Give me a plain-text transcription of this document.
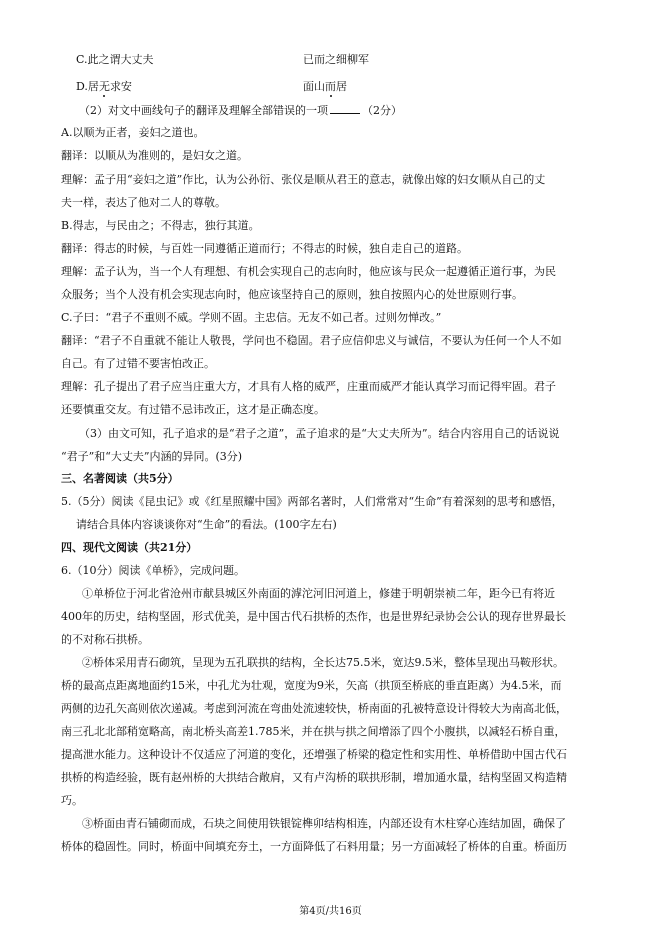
C.此之谓大丈夫	已而之细柳军
D.居无求安	面山而居
（2）对文中画线句子的翻译及理解全部错误的一项	（2分）
A.以顺为正者，妾妇之道也。
翻译：以顺从为准则的，是妇女之道。
理解：孟子用“妾妇之道”作比，认为公孙衍、张仪是顺从君王的意志，就像出嫁的妇女顺从自己的丈
夫一样，表达了他对二人的尊敬。
B.得志，与民由之；不得志，独行其道。
翻译：得志的时候，与百姓一同遵循正道而行；不得志的时候，独自走自己的道路。
理解：孟子认为，当一个人有理想、有机会实现自己的志向时，他应该与民众一起遵循正道行事，为民
众服务；当个人没有机会实现志向时，他应该坚持自己的原则，独自按照内心的处世原则行事。
C.子曰：“君子不重则不威。学则不固。主忠信。无友不如己者。过则勿惮改。”
翻译：“君子不自重就不能让人敬畏，学问也不稳固。君子应信仰忠义与诚信，不要认为任何一个人不如
自己。有了过错不要害怕改正。
理解：孔子提出了君子应当庄重大方，才具有人格的威严，庄重而威严才能认真学习而记得牢固。君子
还要慎重交友。有过错不忌讳改正，这才是正确态度。
（3）由文可知，孔子追求的是“君子之道”，孟子追求的是“大丈夫所为”。结合内容用自己的话说说
“君子”和“大丈夫”内涵的异同。(3分)
三、名著阅读（共5分）
5.（5分）阅读《昆虫记》或《红星照耀中国》两部名著时，人们常常对“生命”有着深刻的思考和感悟，
请结合具体内容谈谈你对“生命”的看法。(100字左右)
四、现代文阅读（共21分）
6.（10分）阅读《单桥》，完成问题。
①单桥位于河北省沧州市献县城区外南面的滹沱河旧河道上，修建于明朝崇祯二年，距今已有将近
400年的历史，结构坚固，形式优美，是中国古代石拱桥的杰作，也是世界纪录协会公认的现存世界最长
的不对称石拱桥。
②桥体采用青石砌筑，呈现为五孔联拱的结构，全长达75.5米，宽达9.5米，整体呈现出马鞍形状。
桥的最高点距离地面约15米，中孔尤为壮观，宽度为9米，矢高（拱顶至桥底的垂直距离）为4.5米，而
两侧的边孔矢高则依次递减。考虑到河流在弯曲处流速较快，桥南面的孔被特意设计得较大为南高北低，
南三孔北北部稍宽略高，南北桥头高差1.785米，并在拱与拱之间增添了四个小腹拱，以减轻石桥自重，
提高泄水能力。这种设计不仅适应了河道的变化，还增强了桥梁的稳定性和实用性、单桥借助中国古代石
拱桥的构造经验，既有赵州桥的大拱结合敞肩，又有卢沟桥的联拱形制，增加通水量，结构坚固又构造精
巧。
③桥面由青石铺砌而成，石块之间使用铁银锭榫卯结构相连，内部还设有木柱穿心连结加固，确保了
桥体的稳固性。同时，桥面中间填充夯土，一方面降低了石料用量；另一方面减轻了桥体的自重。桥面历
第4页/共16页
